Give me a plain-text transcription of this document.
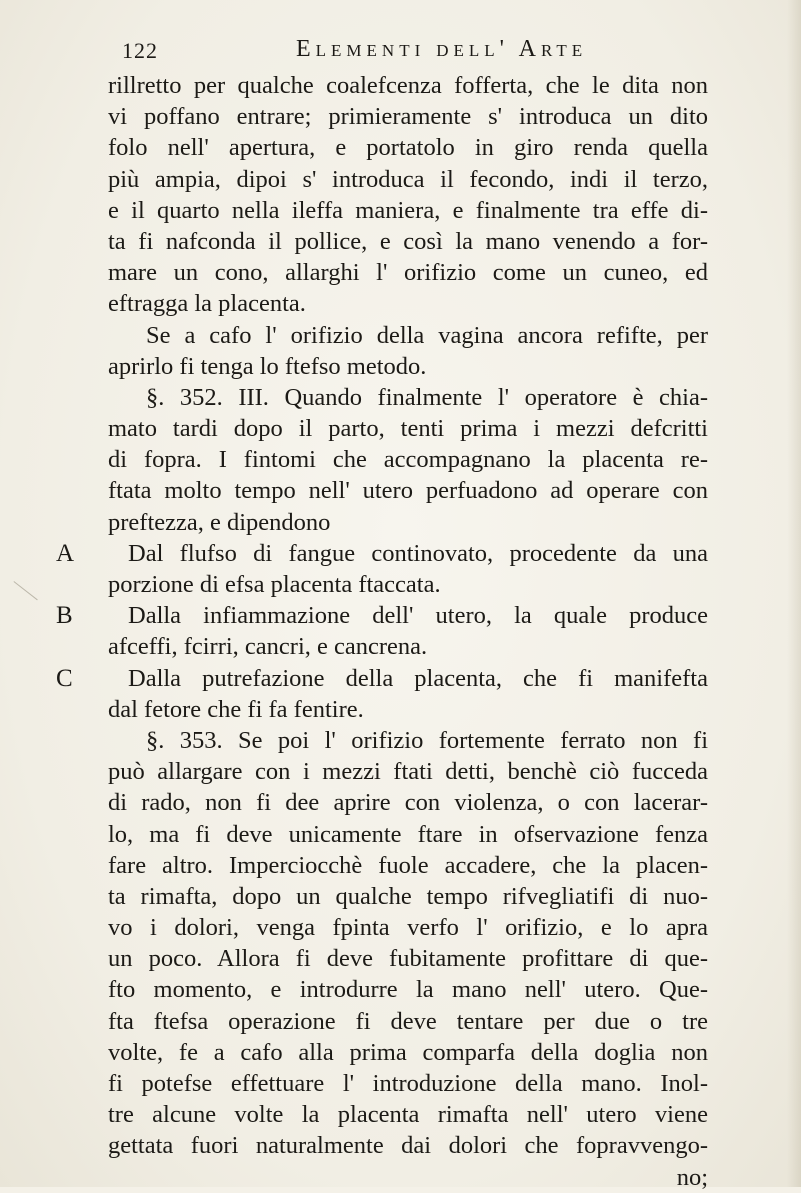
122	Elementi dell' Arte
rillretto per qualche coalefcenza fofferta, che le dita non
vi poffano entrare; primieramente s' introduca un dito
folo nell' apertura, e portatolo in giro renda quella
più ampia, dipoi s' introduca il fecondo, indi il terzo,
e il quarto nella ileffa maniera, e finalmente tra effe di-
ta fi nafconda il pollice, e così la mano venendo a for-
mare un cono, allarghi l' orifizio come un cuneo, ed
eftragga la placenta.
Se a cafo l' orifizio della vagina ancora refifte, per
aprirlo fi tenga lo ftefso metodo.
§. 352. III. Quando finalmente l' operatore è chia-
mato tardi dopo il parto, tenti prima i mezzi defcritti
di fopra. I fintomi che accompagnano la placenta re-
ftata molto tempo nell' utero perfuadono ad operare con
preftezza, e dipendono
A Dal flufso di fangue continovato, procedente da una
porzione di efsa placenta ftaccata.
B Dalla infiammazione dell' utero, la quale produce
afceffi, fcirri, cancri, e cancrena.
C Dalla putrefazione della placenta, che fi manifefta
dal fetore che fi fa fentire.
§. 353. Se poi l' orifizio fortemente ferrato non fi
può allargare con i mezzi ftati detti, benchè ciò fucceda
di rado, non fi dee aprire con violenza, o con lacerar-
lo, ma fi deve unicamente ftare in ofservazione fenza
fare altro. Imperciocchè fuole accadere, che la placen-
ta rimafta, dopo un qualche tempo rifvegliatifi di nuo-
vo i dolori, venga fpinta verfo l' orifizio, e lo apra
un poco. Allora fi deve fubitamente profittare di que-
fto momento, e introdurre la mano nell' utero. Que-
fta ftefsa operazione fi deve tentare per due o tre
volte, fe a cafo alla prima comparfa della doglia non
fi potefse effettuare l' introduzione della mano. Inol-
tre alcune volte la placenta rimafta nell' utero viene
gettata fuori naturalmente dai dolori che fopravvengo-
no;
